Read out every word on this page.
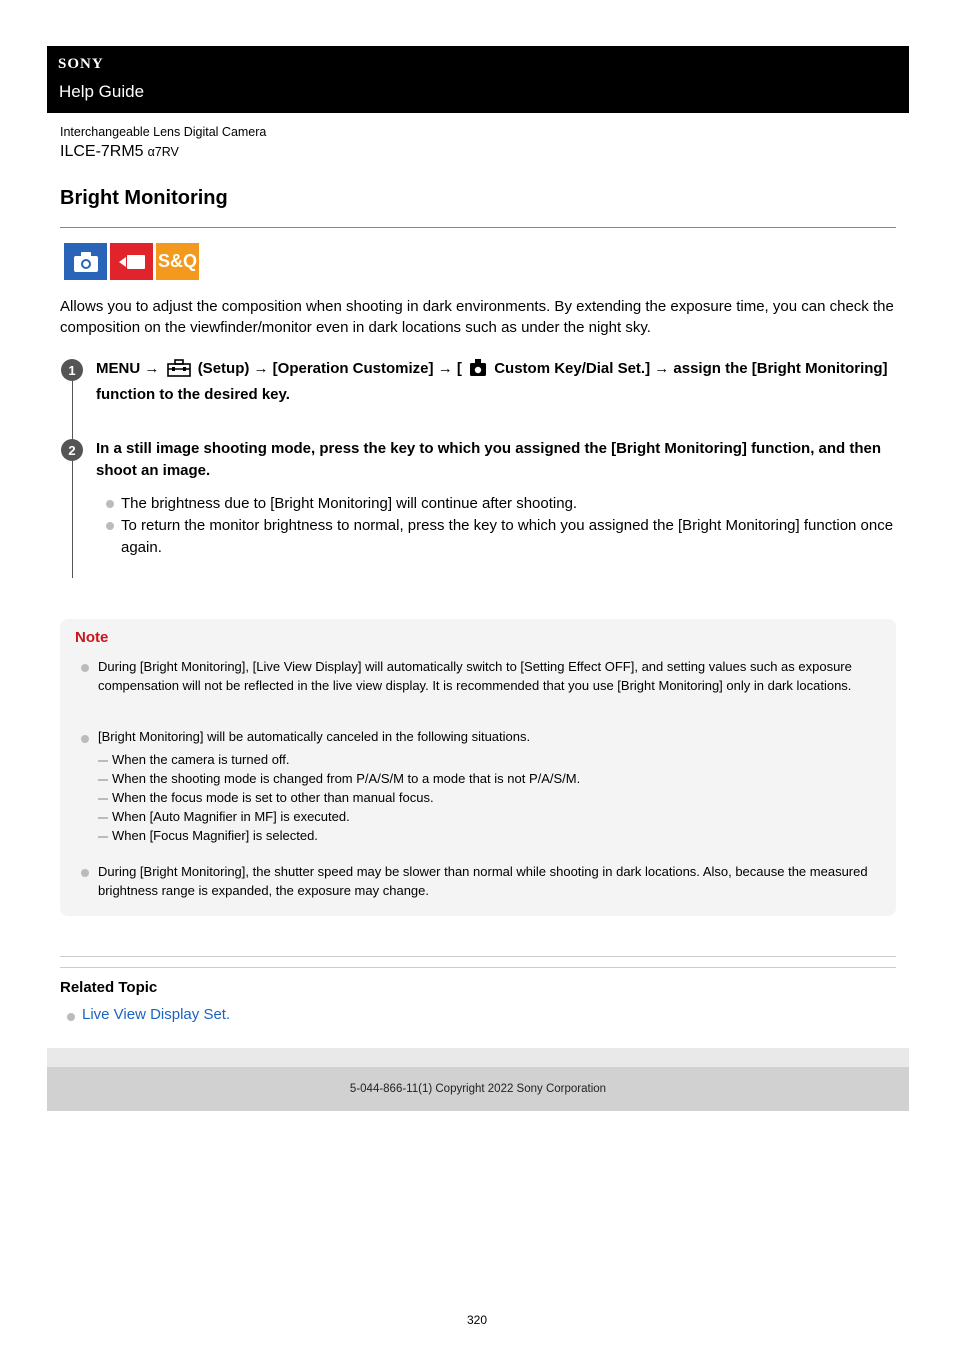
SONY
Help Guide
Interchangeable Lens Digital Camera
ILCE-7RM5 α7RV
Bright Monitoring
S&Q

Allows you to adjust the composition when shooting in dark environments. By extending the exposure time, you can check the composition on the viewfinder/monitor even in dark locations such as under the night sky.

1	MENU →	(Setup) → [Operation Customize] → [ Custom Key/Dial Set.] → assign the [Bright Monitoring] function to the desired key.
2	In a still image shooting mode, press the key to which you assigned the [Bright Monitoring] function, and then shoot an image.
The brightness due to [Bright Monitoring] will continue after shooting.
To return the monitor brightness to normal, press the key to which you assigned the [Bright Monitoring] function once again.
Note
During [Bright Monitoring], [Live View Display] will automatically switch to [Setting Effect OFF], and setting values such as exposure compensation will not be reflected in the live view display. It is recommended that you use [Bright Monitoring] only in dark locations.
[Bright Monitoring] will be automatically canceled in the following situations.
When the camera is turned off.
When the shooting mode is changed from P/A/S/M to a mode that is not P/A/S/M.
When the focus mode is set to other than manual focus.
When [Auto Magnifier in MF] is executed.
When [Focus Magnifier] is selected.
During [Bright Monitoring], the shutter speed may be slower than normal while shooting in dark locations. Also, because the measured brightness range is expanded, the exposure may change.
Related Topic
Live View Display Set.
5-044-866-11(1) Copyright 2022 Sony Corporation
320
